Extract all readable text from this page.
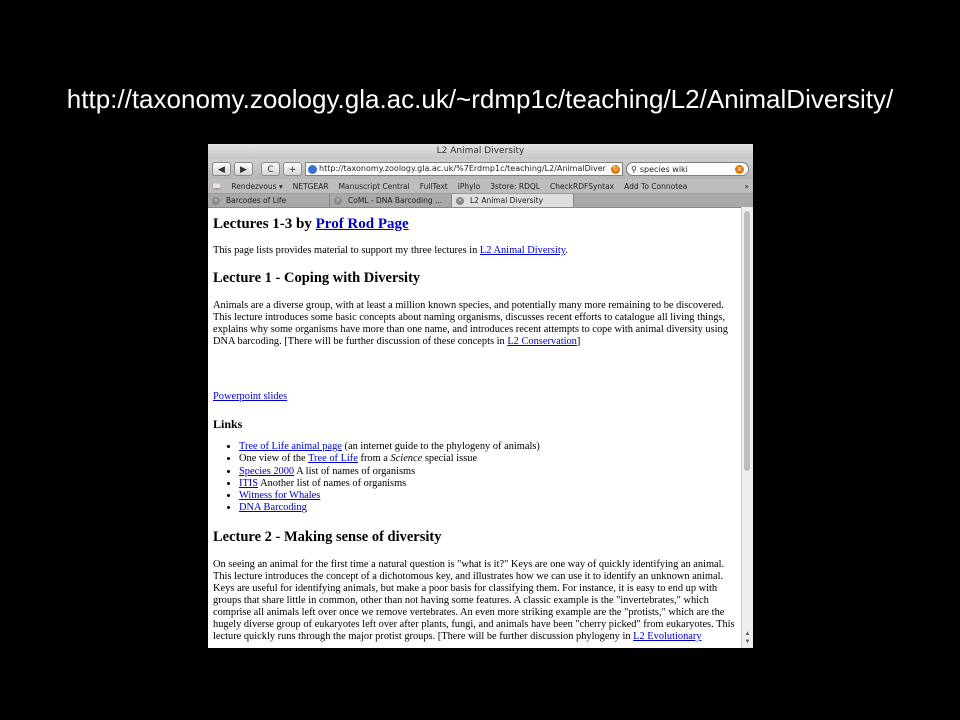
http://taxonomy.zoology.gla.ac.uk/~rdmp1c/teaching/L2/AnimalDiversity/
L2 Animal Diversity
◀	▶	C	+	http://taxonomy.zoology.gla.ac.uk/%7Erdmp1c/teaching/L2/AnimalDiver ↻ ⚲ species wiki	×
📖 Rendezvous ▾ NETGEAR Manuscript Central FullText iPhylo 3store: RDQL CheckRDFSyntax Add To Connotea	»
× Barcodes of Life	× CoML - DNA Barcoding ...	× L2 Animal Diversity
Lectures 1-3 by Prof Rod Page

This page lists provides material to support my three lectures in L2 Animal Diversity.

Lecture 1 - Coping with Diversity

Animals are a diverse group, with at least a million known species, and potentially many more remaining to be discovered. This lecture introduces some basic concepts about naming organisms, discusses recent efforts to catalogue all living things, explains why some organisms have more than one name, and introduces recent attempts to cope with animal diversity using DNA barcoding. [There will be further discussion of these concepts in L2 Conservation]

Powerpoint slides

Links
• Tree of Life animal page (an internet guide to the phylogeny of animals)
• One view of the Tree of Life from a Science special issue
• Species 2000 A list of names of organisms
• ITIS Another list of names of organisms
• Witness for Whales
• DNA Barcoding
Lecture 2 - Making sense of diversity

On seeing an animal for the first time a natural question is "what is it?" Keys are one way of quickly identifying an animal. This lecture introduces the concept of a dichotomous key, and illustrates how we can use it to identify an unknown animal. Keys are useful for identifying animals, but make a poor basis for classifying them. For instance, it is easy to end up with groups that share little in common, other than not having some features. A classic example is the "invertebrates," which comprise all animals left over once we remove vertebrates. An even more striking example are the "protists," which are the hugely diverse group of eukaryotes left over after plants, fungi, and animals have been "cherry picked" from eukaryotes. This lecture quickly runs through the major protist groups. [There will be further discussion phylogeny in L2 Evolutionary	▲
▼
